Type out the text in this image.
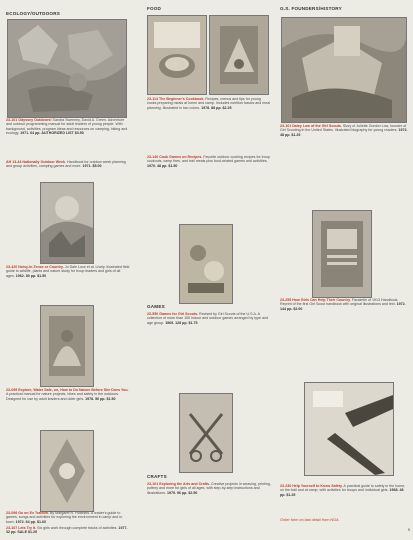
ECOLOGY/OUTDOORS
23-101 Odyssey Outdoors! Sandra Sweeney, David A. Green. Adventure and outdoor programming manual for adult leaders of young people. With background, activities, program ideas and resources on camping, hiking and ecology. 1971. 64 pp. AUTHORIZED LIST $3.50
AH 13-44 Nationally Outdoor Week. Handbook for outdoor week planning and group activities, camping games and more. 1971. $5.00
23-420 Noisy-In-Tense or Country. Jo Dale Luce et al. Lively, illustrated field guide to wildlife, plants and nature study for troop leaders and girls of all ages. 1962. 80 pp. $1.50
23-099 Explore, Water Safe, on, How to Do Nature Before She Does You. A practical manual for nature projects, hikes and safety in the outdoors. Designed for use by adult leaders and older girls. 1978. 56 pp. $1.50
23-098 Go on Ex Trandin. By Margaret R. Hutchins. A leader's guide to games, songs and activities for exploring the environment in camp and in town. 1972. 64 pp. $1.60
23-107 Lets Try It. Six girls work through complete tracks of activities. 1977. 32 pp. SALE $1.25
FOOD
23-114 The Beginner's Cookbook. Recipes, menus and tips for young cooks preparing meals at home and camp. Includes nutrition basics and meal planning. Illustrated in two colors. 1978. 88 pp. $2.25
23-140 Cook Games on Recipes. Favorite outdoor cooking recipes for troop cookouts, camp fires, and trail meals plus food-related games and activities. 1970. 48 pp. $1.50
GAMES
23-550 Games for Girl Scouts. Revised by Girl Scouts of the U.S.A. A collection of more than 150 indoor and outdoor games arranged by type and age group. 1969. 128 pp. $1.75
CRAFTS
23-101 Exploring the Arts and Crafts. Creative projects in weaving, printing, pottery and more for girls of all ages, with step-by-step instructions and illustrations. 1979. 96 pp. $2.50
G.S. FOUNDERS/HISTORY
23-101 Daisy Low of the Girl Scouts. Story of Juliette Gordon Low, founder of Girl Scouting in the United States. Illustrated biography for young readers. 1972. 48 pp. $1.25
23-255 How Girls Can Help Their Country. Facsimile of 1913 Handbook. Reprint of the first Girl Scout handbook with original illustrations and text. 1972. 144 pp. $2.00
23-230 Help Yourself to Know Safety. A practical guide to safety in the home, on the trail and at camp, with activities for troops and individual girls. 1968. 48 pp. $1.25
Order form on last detail from NGA
9
